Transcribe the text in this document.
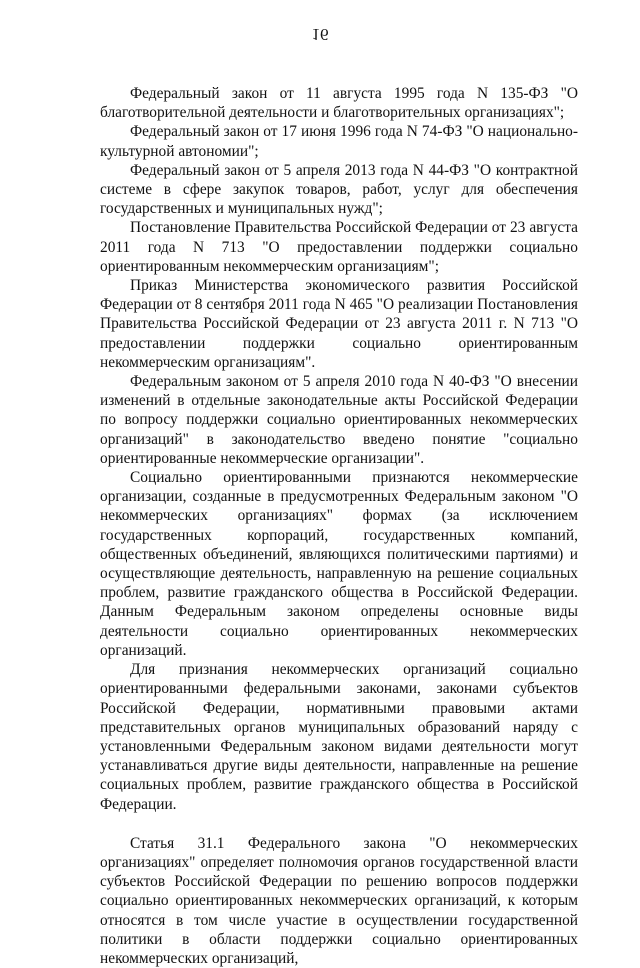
16

Федеральный закон от 11 августа 1995 года N 135-ФЗ "О благотворительной деятельности и благотворительных организациях";

Федеральный закон от 17 июня 1996 года N 74-ФЗ "О национально-культурной автономии";

Федеральный закон от 5 апреля 2013 года N 44-ФЗ "О контрактной системе в сфере закупок товаров, работ, услуг для обеспечения государственных и муниципальных нужд";

Постановление Правительства Российской Федерации от 23 августа 2011 года N 713 "О предоставлении поддержки социально ориентированным некоммерческим организациям";

Приказ Министерства экономического развития Российской Федерации от 8 сентября 2011 года N 465 "О реализации Постановления Правительства Российской Федерации от 23 августа 2011 г. N 713 "О предоставлении поддержки социально ориентированным некоммерческим организациям".

Федеральным законом от 5 апреля 2010 года N 40-ФЗ "О внесении изменений в отдельные законодательные акты Российской Федерации по вопросу поддержки социально ориентированных некоммерческих организаций" в законодательство введено понятие "социально ориентированные некоммерческие организации".

Социально ориентированными признаются некоммерческие организации, созданные в предусмотренных Федеральным законом "О некоммерческих организациях" формах (за исключением государственных корпораций, государственных компаний, общественных объединений, являющихся политическими партиями) и осуществляющие деятельность, направленную на решение социальных проблем, развитие гражданского общества в Российской Федерации. Данным Федеральным законом определены основные виды деятельности социально ориентированных некоммерческих организаций.

Для признания некоммерческих организаций социально ориентированными федеральными законами, законами субъектов Российской Федерации, нормативными правовыми актами представительных органов муниципальных образований наряду с установленными Федеральным законом видами деятельности могут устанавливаться другие виды деятельности, направленные на решение социальных проблем, развитие гражданского общества в Российской Федерации.

Статья 31.1 Федерального закона "О некоммерческих организациях" определяет полномочия органов государственной власти субъектов Российской Федерации по решению вопросов поддержки социально ориентированных некоммерческих организаций, к которым относятся в том числе участие в осуществлении государственной политики в области поддержки социально ориентированных некоммерческих организаций,
